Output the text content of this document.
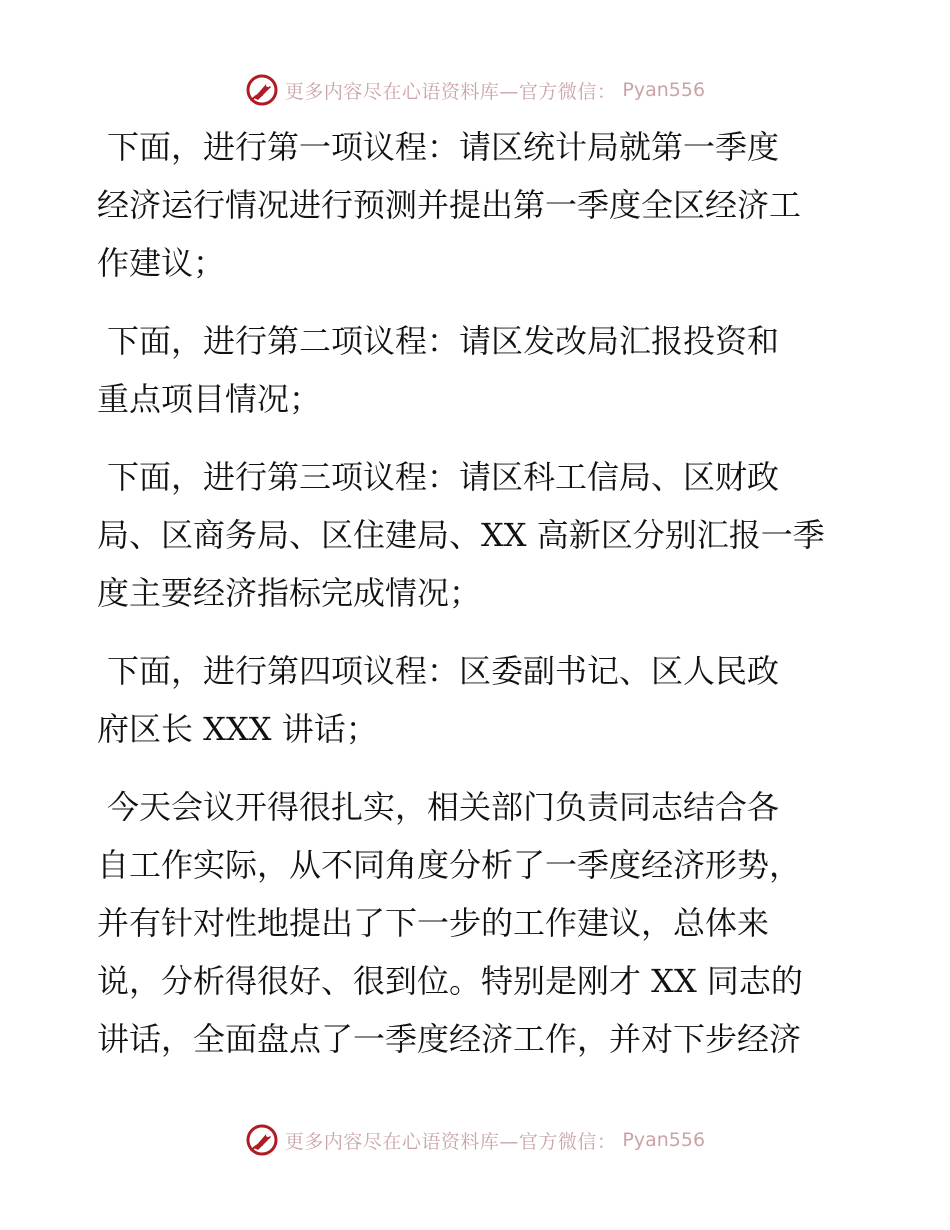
更多内容尽在心语资料库—官方微信： Pyan556

下面，进行第一项议程：请区统计局就第一季度
经济运行情况进行预测并提出第一季度全区经济工
作建议；

下面，进行第二项议程：请区发改局汇报投资和
重点项目情况；

下面，进行第三项议程：请区科工信局、区财政
局、区商务局、区住建局、XX 高新区分别汇报一季
度主要经济指标完成情况；

下面，进行第四项议程：区委副书记、区人民政
府区长 XXX 讲话；

今天会议开得很扎实，相关部门负责同志结合各
自工作实际，从不同角度分析了一季度经济形势，
并有针对性地提出了下一步的工作建议，总体来
说，分析得很好、很到位。特别是刚才 XX 同志的
讲话，全面盘点了一季度经济工作，并对下步经济

更多内容尽在心语资料库—官方微信： Pyan556
